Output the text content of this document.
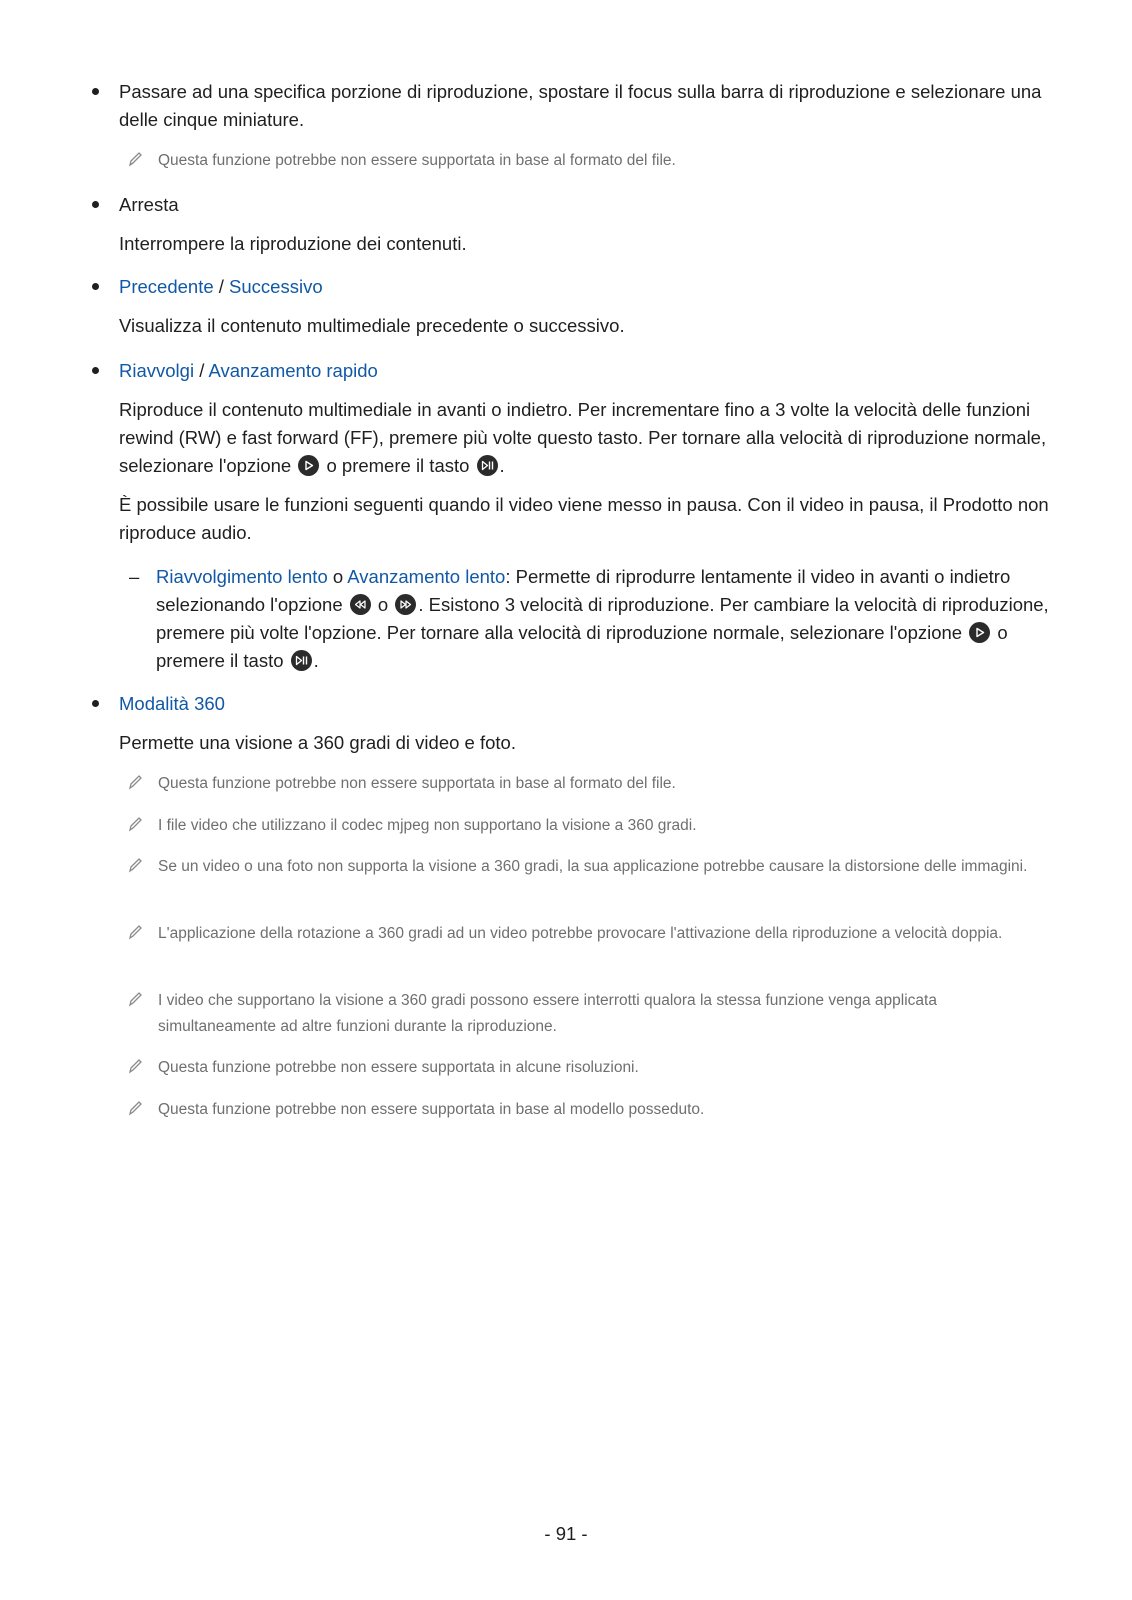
Passare ad una specifica porzione di riproduzione, spostare il focus sulla barra di riproduzione e selezionare una delle cinque miniature.
Questa funzione potrebbe non essere supportata in base al formato del file.
Arresta
Interrompere la riproduzione dei contenuti.
Precedente / Successivo
Visualizza il contenuto multimediale precedente o successivo.
Riavvolgi / Avanzamento rapido
Riproduce il contenuto multimediale in avanti o indietro. Per incrementare fino a 3 volte la velocità delle funzioni rewind (RW) e fast forward (FF), premere più volte questo tasto. Per tornare alla velocità di riproduzione normale, selezionare l'opzione
o premere il tasto
.
È possibile usare le funzioni seguenti quando il video viene messo in pausa. Con il video in pausa, il Prodotto non riproduce audio.
– Riavvolgimento lento o Avanzamento lento: Permette di riprodurre lentamente il video in avanti o indietro selezionando l'opzione
o
. Esistono 3 velocità di riproduzione. Per cambiare la velocità di riproduzione, premere più volte l'opzione. Per tornare alla velocità di riproduzione normale, selezionare l'opzione
o premere il tasto
.
Modalità 360
Permette una visione a 360 gradi di video e foto.
Questa funzione potrebbe non essere supportata in base al formato del file.
I file video che utilizzano il codec mjpeg non supportano la visione a 360 gradi.
Se un video o una foto non supporta la visione a 360 gradi, la sua applicazione potrebbe causare la distorsione delle immagini.
L'applicazione della rotazione a 360 gradi ad un video potrebbe provocare l'attivazione della riproduzione a velocità doppia.
I video che supportano la visione a 360 gradi possono essere interrotti qualora la stessa funzione venga applicata simultaneamente ad altre funzioni durante la riproduzione.
Questa funzione potrebbe non essere supportata in alcune risoluzioni.
Questa funzione potrebbe non essere supportata in base al modello posseduto.
- 91 -
